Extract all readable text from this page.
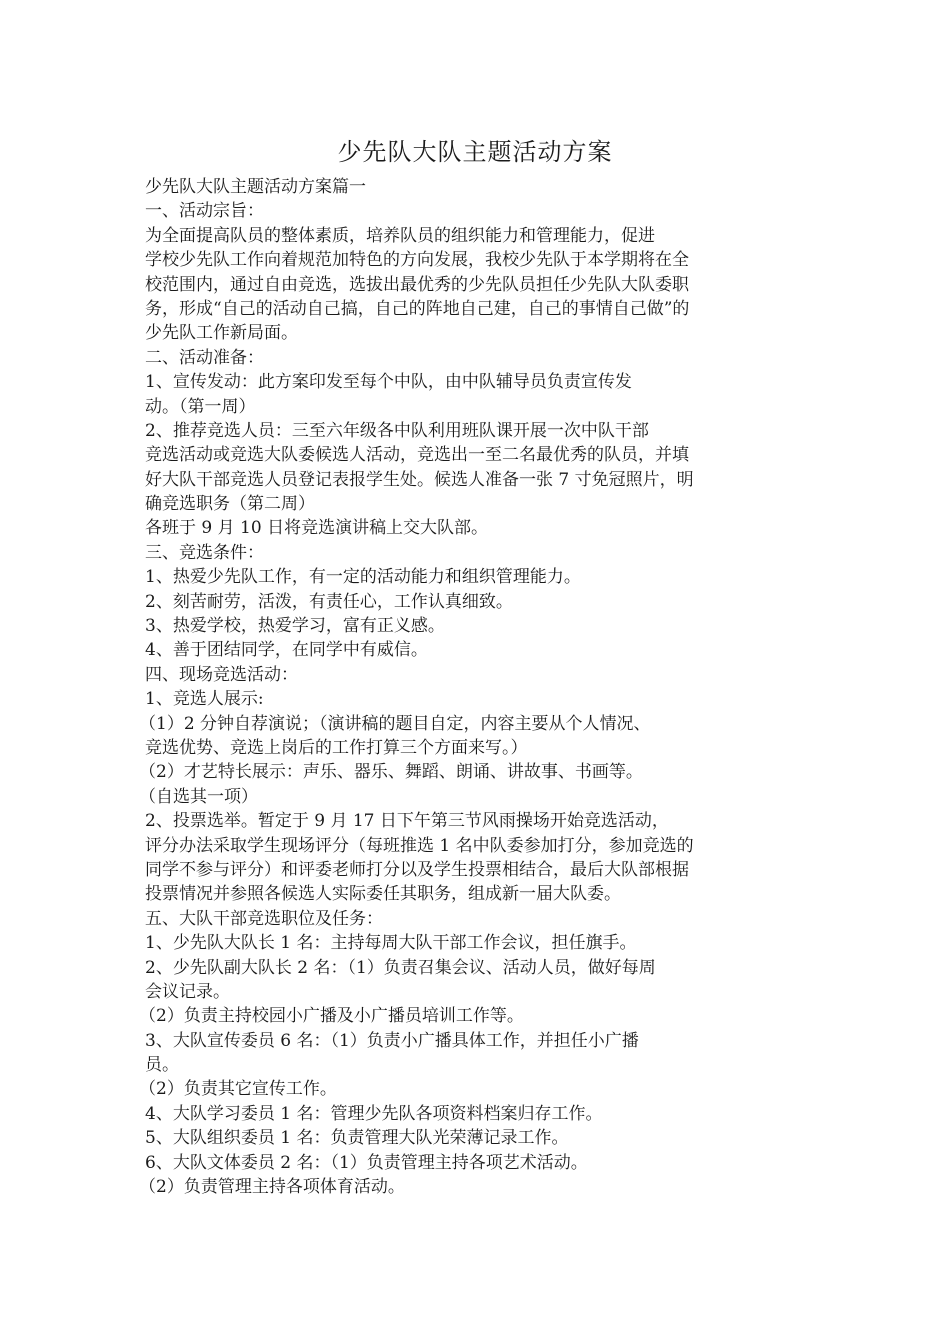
少先队大队主题活动方案
少先队大队主题活动方案篇一
一、活动宗旨：
为全面提高队员的整体素质，培养队员的组织能力和管理能力，促进
学校少先队工作向着规范加特色的方向发展，我校少先队于本学期将在全
校范围内，通过自由竞选，选拔出最优秀的少先队员担任少先队大队委职
务，形成“自己的活动自己搞，自己的阵地自己建，自己的事情自己做”的
少先队工作新局面。
二、活动准备：
1、宣传发动：此方案印发至每个中队，由中队辅导员负责宣传发
动。（第一周）
2、推荐竞选人员：三至六年级各中队利用班队课开展一次中队干部
竞选活动或竞选大队委候选人活动，竞选出一至二名最优秀的队员，并填
好大队干部竞选人员登记表报学生处。候选人准备一张 7 寸免冠照片，明
确竞选职务（第二周）
各班于 9 月 10 日将竞选演讲稿上交大队部。
三、竞选条件：
1、热爱少先队工作，有一定的活动能力和组织管理能力。
2、刻苦耐劳，活泼，有责任心，工作认真细致。
3、热爱学校，热爱学习，富有正义感。
4、善于团结同学，在同学中有威信。
四、现场竞选活动：
1、竞选人展示:
（1）2 分钟自荐演说；（演讲稿的题目自定，内容主要从个人情况、
竞选优势、竞选上岗后的工作打算三个方面来写。）
（2）才艺特长展示：声乐、器乐、舞蹈、朗诵、讲故事、书画等。
（自选其一项）
2、投票选举。暂定于 9 月 17 日下午第三节风雨操场开始竞选活动，
评分办法采取学生现场评分（每班推选 1 名中队委参加打分，参加竞选的
同学不参与评分）和评委老师打分以及学生投票相结合，最后大队部根据
投票情况并参照各候选人实际委任其职务，组成新一届大队委。
五、大队干部竞选职位及任务：
1、少先队大队长 1 名：主持每周大队干部工作会议，担任旗手。
2、少先队副大队长 2 名：（1）负责召集会议、活动人员，做好每周
会议记录。
（2）负责主持校园小广播及小广播员培训工作等。
3、大队宣传委员 6 名：（1）负责小广播具体工作，并担任小广播
员。
（2）负责其它宣传工作。
4、大队学习委员 1 名：管理少先队各项资料档案归存工作。
5、大队组织委员 1 名：负责管理大队光荣薄记录工作。
6、大队文体委员 2 名：（1）负责管理主持各项艺术活动。
（2）负责管理主持各项体育活动。
